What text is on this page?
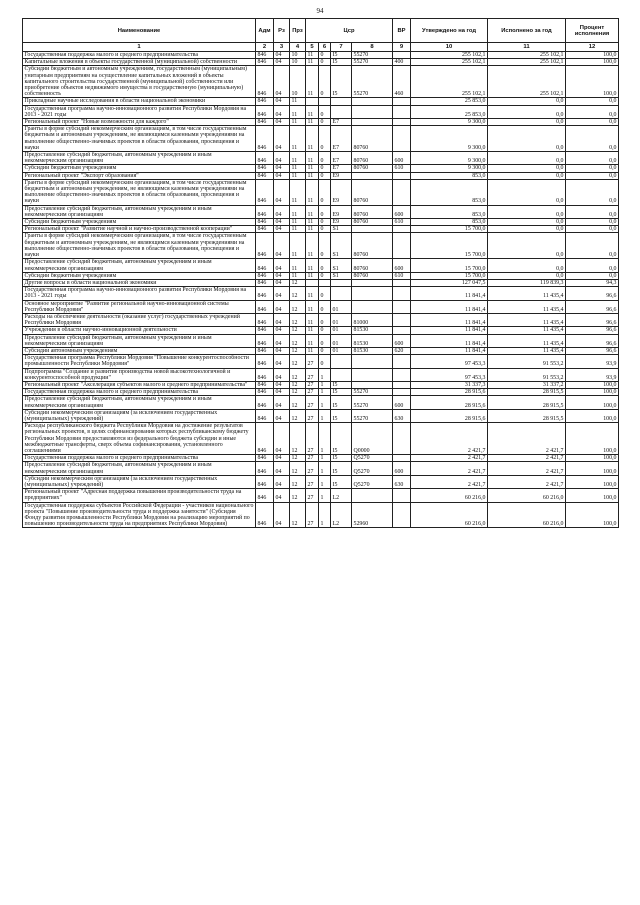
94
Наименование	Адм	Рз	Прз	Цср				ВР	Утверждено на год	Исполнено за год	Процент исполнения
1	2	3	4	5	6	7	8	9	10	11	12
Государственная поддержка малого и среднего предпринимательства	846	04	10	11	0	I5	55270		255 102,1	255 102,1	100,0
Капитальные вложения в объекты государственной (муниципальной) собственности	846	04	10	11	0	I5	55270	400	255 102,1	255 102,1	100,0
Субсидии бюджетным и автономным учреждениям, государственным (муниципальным) унитарным предприятиям на осуществление капитальных вложений в объекты капитального строительства государственной (муниципальной) собственности или приобретение объектов недвижимого имущества в государственную (муниципальную) собственность	846	04	10	11	0	I5	55270	460	255 102,1	255 102,1	100,0
Прикладные научные исследования в области национальной экономики	846	04	11						25 853,0	0,0	0,0
Государственная программа научно-инновационного развития Республики Мордовия на 2013 - 2021 годы	846	04	11	11	0				25 853,0	0,0	0,0
Региональный проект "Новые возможности для каждого"	846	04	11	11	0	E7			9 300,0	0,0	0,0
Гранты в форме субсидий некоммерческим организациям, в том числе государственным бюджетным и автономным учреждениям, не являющимся казенными учреждениями на выполнение общественно-значимых проектов в области образования, просвещения и науки	846	04	11	11	0	E7	80760		9 300,0	0,0	0,0
Предоставление субсидий бюджетным, автономным учреждениям и иным некоммерческим организациям	846	04	11	11	0	E7	80760	600	9 300,0	0,0	0,0
Субсидии бюджетным учреждениям	846	04	11	11	0	E7	80760	610	9 300,0	0,0	0,0
Региональный проект "Экспорт образования"	846	04	11	11	0	E9			853,0	0,0	0,0
Гранты в форме субсидий некоммерческим организациям, в том числе государственным бюджетным и автономным учреждениям, не являющимся казенными учреждениями на выполнение общественно-значимых проектов в области образования, просвещения и науки	846	04	11	11	0	E9	80760		853,0	0,0	0,0
Предоставление субсидий бюджетным, автономным учреждениям и иным некоммерческим организациям	846	04	11	11	0	E9	80760	600	853,0	0,0	0,0
Субсидии бюджетным учреждениям	846	04	11	11	0	E9	80760	610	853,0	0,0	0,0
Региональный проект "Развитие научной и научно-производственной кооперации"	846	04	11	11	0	S1			15 700,0	0,0	0,0
Гранты в форме субсидий некоммерческим организациям, в том числе государственным бюджетным и автономным учреждениям, не являющимся казенными учреждениями на выполнение общественно-значимых проектов в области образования, просвещения и науки	846	04	11	11	0	S1	80760		15 700,0	0,0	0,0
Предоставление субсидий бюджетным, автономным учреждениям и иным некоммерческим организациям	846	04	11	11	0	S1	80760	600	15 700,0	0,0	0,0
Субсидии бюджетным учреждениям	846	04	11	11	0	S1	80760	610	15 700,0	0,0	0,0
Другие вопросы в области национальной экономики	846	04	12						127 047,5	119 839,3	94,3
Государственная программа научно-инновационного развития Республики Мордовия на 2013 - 2021 годы	846	04	12	11	0				11 841,4	11 435,4	96,6
Основное мероприятие "Развитие региональной научно-инновационной системы Республики Мордовия"	846	04	12	11	0	01			11 841,4	11 435,4	96,6
Расходы на обеспечение деятельности (оказание услуг) государственных учреждений Республики Мордовия	846	04	12	11	0	01	81000		11 841,4	11 435,4	96,6
Учреждения в области научно-инновационной деятельности	846	04	12	11	0	01	81530		11 841,4	11 435,4	96,6
Предоставление субсидий бюджетным, автономным учреждениям и иным некоммерческим организациям	846	04	12	11	0	01	81530	600	11 841,4	11 435,4	96,6
Субсидии автономным учреждениям	846	04	12	11	0	01	81530	620	11 841,4	11 435,4	96,6
Государственная программа Республики Мордовия "Повышение конкурентоспособности промышленности Республики Мордовия"	846	04	12	27	0				97 453,3	91 553,2	93,9
Подпрограмма "Создание и развитие производства новой высокотехнологичной и конкурентоспособной продукции"	846	04	12	27	1				97 453,3	91 553,2	93,9
Региональный проект "Акселерация субъектов малого и среднего предпринимательства"	846	04	12	27	1	I5			31 337,3	31 337,2	100,0
Государственная поддержка малого и среднего предпринимательства	846	04	12	27	1	I5	55270		28 915,6	28 915,5	100,0
Предоставление субсидий бюджетным, автономным учреждениям и иным некоммерческим организациям	846	04	12	27	1	I5	55270	600	28 915,6	28 915,5	100,0
Субсидии некоммерческим организациям (за исключением государственных (муниципальных) учреждений)	846	04	12	27	1	I5	55270	630	28 915,6	28 915,5	100,0
Расходы республиканского бюджета Республики Мордовия на достижение результатов региональных проектов, в целях софинансирования которых республиканскому бюджету Республики Мордовия предоставляются из федерального бюджета субсидии и иные межбюджетные трансферты, сверх объема софинансирования, установленного соглашениями	846	04	12	27	1	I5	Q0000		2 421,7	2 421,7	100,0
Государственная поддержка малого и среднего предпринимательства	846	04	12	27	1	I5	Q5270		2 421,7	2 421,7	100,0
Предоставление субсидий бюджетным, автономным учреждениям и иным некоммерческим организациям	846	04	12	27	1	I5	Q5270	600	2 421,7	2 421,7	100,0
Субсидии некоммерческим организациям (за исключением государственных (муниципальных) учреждений)	846	04	12	27	1	I5	Q5270	630	2 421,7	2 421,7	100,0
Региональный проект "Адресная поддержка повышения производительности труда на предприятиях"	846	04	12	27	1	L2			60 216,0	60 216,0	100,0
Государственная поддержка субъектов Российской Федерации - участников национального проекта "Повышение производительности труда и поддержка занятости" (Субсидия Фонду развития промышленности Республики Мордовия на реализацию мероприятий по повышению производительности труда на предприятиях Республики Мордовия)	846	04	12	27	1	L2	52960		60 216,0	60 216,0	100,0
